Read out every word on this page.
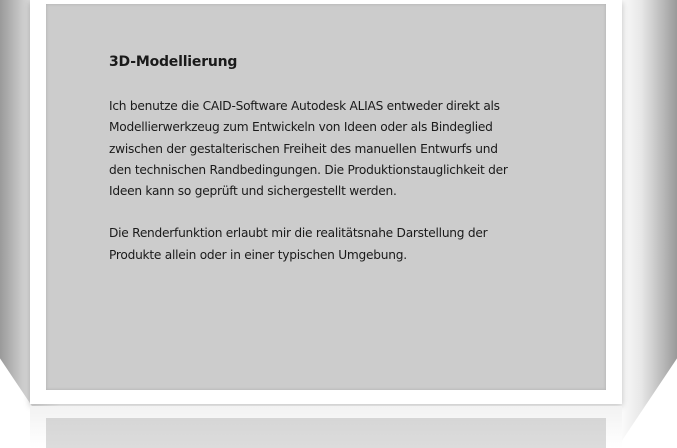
3D-Modellierung

Ich benutze die CAID-Software Autodesk ALIAS entweder direkt als Modellierwerkzeug zum Entwickeln von Ideen oder als Bindeglied zwischen der gestalterischen Freiheit des manuellen Entwurfs und den technischen Randbedingungen. Die Produktionstauglichkeit der Ideen kann so geprüft und sichergestellt werden.

Die Renderfunktion erlaubt mir die realitätsnahe Darstellung der Produkte allein oder in einer typischen Umgebung.
